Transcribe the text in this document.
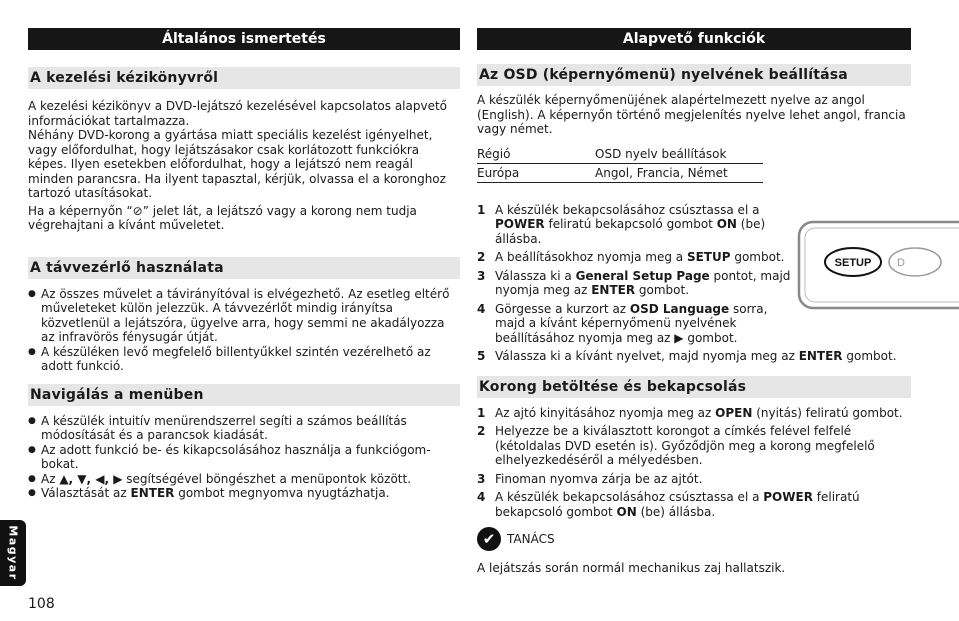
Általános ismertetés
A kezelési kézikönyvről

A kezelési kézikönyv a DVD-lejátszó kezelésével kapcsolatos alapvető információkat tartalmazza.

Néhány DVD-korong a gyártása miatt speciális kezelést igényelhet, vagy előfordulhat, hogy lejátszásakor csak korlátozott funkciókra képes. Ilyen esetekben előfordulhat, hogy a lejátszó nem reagál minden parancsra. Ha ilyent tapasztal, kérjük, olvassa el a koronghoz tartozó utasításokat.

Ha a képernyőn “⊘” jelet lát, a lejátszó vagy a korong nem tudja végrehajtani a kívánt műveletet.

A távvezérlő használata
● Az összes művelet a távirányítóval is elvégezhető. Az esetleg eltérő műveleteket külön jelezzük. A távvezérlőt mindig irányítsa közvetlenül a lejátszóra, ügyelve arra, hogy semmi ne akadályozza az infravörös fénysugár útját.
● A készüléken levő megfelelő billentyűkkel szintén vezérelhető az adott funkció.
Navigálás a menüben
● A készülék intuitív menürendszerrel segíti a számos beállítás módosítását és a parancsok kiadását.
● Az adott funkció be- és kikapcsolásához használja a funkciógom-bokat.
● Az ▲, ▼, ◀, ▶ segítségével böngészhet a menüpontok között.
● Választását az ENTER gombot megnyomva nyugtázhatja.
Magyar
108
Alapvető funkciók
Az OSD (képernyőmenü) nyelvének beállítása
A készülék képernyőmenüjének alapértelmezett nyelve az angol (English). A képernyőn történő megjelenítés nyelve lehet angol, francia vagy német.
Régió	OSD nyelv beállítások
Európa	Angol, Francia, Német
1 A készülék bekapcsolásához csúsztassa el a POWER feliratú bekapcsoló gombot ON (be) állásba.
2 A beállításokhoz nyomja meg a SETUP gombot.
3 Válassza ki a General Setup Page pontot, majd nyomja meg az ENTER gombot.
4 Görgesse a kurzort az OSD Language sorra, majd a kívánt képernyőmenü nyelvének beállításához nyomja meg az ▶ gombot.
5 Válassza ki a kívánt nyelvet, majd nyomja meg az ENTER gombot.
Korong betöltése és bekapcsolás
1 Az ajtó kinyitásához nyomja meg az OPEN (nyitás) feliratú gombot.
2 Helyezze be a kiválasztott korongot a címkés felével felfelé (kétoldalas DVD esetén is). Győződjön meg a korong megfelelő elhelyezkedéséről a mélyedésben.
3 Finoman nyomva zárja be az ajtót.
4 A készülék bekapcsolásához csúsztassa el a POWER feliratú bekapcsoló gombot ON (be) állásba.
✔ TANÁCS
A lejátszás során normál mechanikus zaj hallatszik.
SETUP D
